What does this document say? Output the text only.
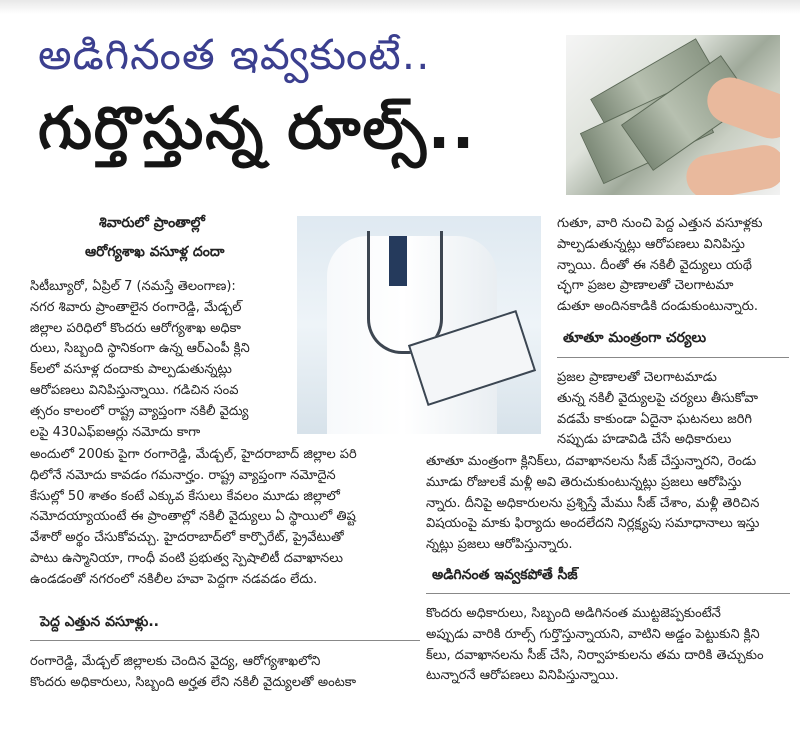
అడిగినంత ఇవ్వకుంటే..
గుర్తొస్తున్న రూల్స్..
శివారులో ప్రాంతాల్లో
ఆరోగ్యశాఖ వసూళ్ల దందా
సిటీబ్యూరో, ఏప్రిల్ 7 (నమస్తే తెలంగాణ):
నగర శివారు ప్రాంతాలైన రంగారెడ్డి, మేడ్చల్
జిల్లాల పరిధిలో కొందరు ఆరోగ్యశాఖ అధికా
రులు, సిబ్బంది స్థానికంగా ఉన్న ఆర్ఎంపీ క్లిని
క్‌లలో వసూళ్ల దందాకు పాల్పడుతున్నట్లు
ఆరోపణలు వినిపిస్తున్నాయి. గడిచిన సంవ
త్సరం కాలంలో రాష్ట్ర వ్యాప్తంగా నకిలీ వైద్యు
లపై 430ఎఫ్ఐఆర్లు నమోదు కాగా
అందులో 200కు పైగా రంగారెడ్డి, మేడ్చల్, హైదరాబాద్ జిల్లాల పరి
ధిలోనే నమోదు కావడం గమనార్హం. రాష్ట్ర వ్యాప్తంగా నమోదైన
కేసుల్లో 50 శాతం కంటే ఎక్కువ కేసులు కేవలం మూడు జిల్లాలో
నమోదయ్యాయంటే ఈ ప్రాంతాల్లో నకిలీ వైద్యులు ఏ స్థాయిలో తిష్ట
వేశారో అర్థం చేసుకోవచ్చు. హైదరాబాద్‌లో కార్పొరేట్, ప్రైవేటుతో
పాటు ఉస్మానియా, గాంధీ వంటి ప్రభుత్వ స్పెషాలిటీ దవాఖానలు
ఉండడంతో నగరంలో నకిలీల హవా పెద్దగా నడవడం లేదు.
పెద్ద ఎత్తున వసూళ్లు..
రంగారెడ్డి, మేడ్చల్ జిల్లాలకు చెందిన వైద్య, ఆరోగ్యశాఖలోని
కొందరు అధికారులు, సిబ్బంది అర్హత లేని నకిలీ వైద్యులతో అంటకా
గుతూ, వారి నుంచి పెద్ద ఎత్తున వసూళ్లకు
పాల్పడుతున్నట్లు ఆరోపణలు వినిపిస్తు
న్నాయి. దీంతో ఈ నకిలీ వైద్యులు యథే
చ్ఛగా ప్రజల ప్రాణాలతో చెలగాటమా
డుతూ అందినకాడికి దండుకుంటున్నారు.
తూతూ మంత్రంగా చర్యలు
ప్రజల ప్రాణాలతో చెలగాటమాడు
తున్న నకిలీ వైద్యులపై చర్యలు తీసుకోవా
వడమే కాకుండా ఏదైనా ఘటనలు జరిగి
నప్పుడు హడావిడి చేసే అధికారులు
తూతూ మంత్రంగా క్లినిక్‌లు, దవాఖానలను సీజ్ చేస్తున్నారని, రెండు
మూడు రోజులకే మళ్లీ అవి తెరుచుకుంటున్నట్లు ప్రజలు ఆరోపిస్తు
న్నారు. దీనిపై అధికారులను ప్రశ్నిస్తే మేము సీజ్ చేశాం, మళ్లీ తెరిచిన
విషయంపై మాకు ఫిర్యాదు అందలేదని నిర్లక్ష్యపు సమాధానాలు ఇస్తు
న్నట్లు ప్రజలు ఆరోపిస్తున్నారు.
అడిగినంత ఇవ్వకపోతే సీజ్
కొందరు అధికారులు, సిబ్బంది అడిగినంత ముట్టజెప్పకుంటేనే
అప్పుడు వారికి రూల్స్ గుర్తొస్తున్నాయని, వాటిని అడ్డం పెట్టుకుని క్లిని
క్‌లు, దవాఖానలను సీజ్ చేసి, నిర్వాహకులను తమ దారికి తెచ్చుకుం
టున్నారనే ఆరోపణలు వినిపిస్తున్నాయి.
